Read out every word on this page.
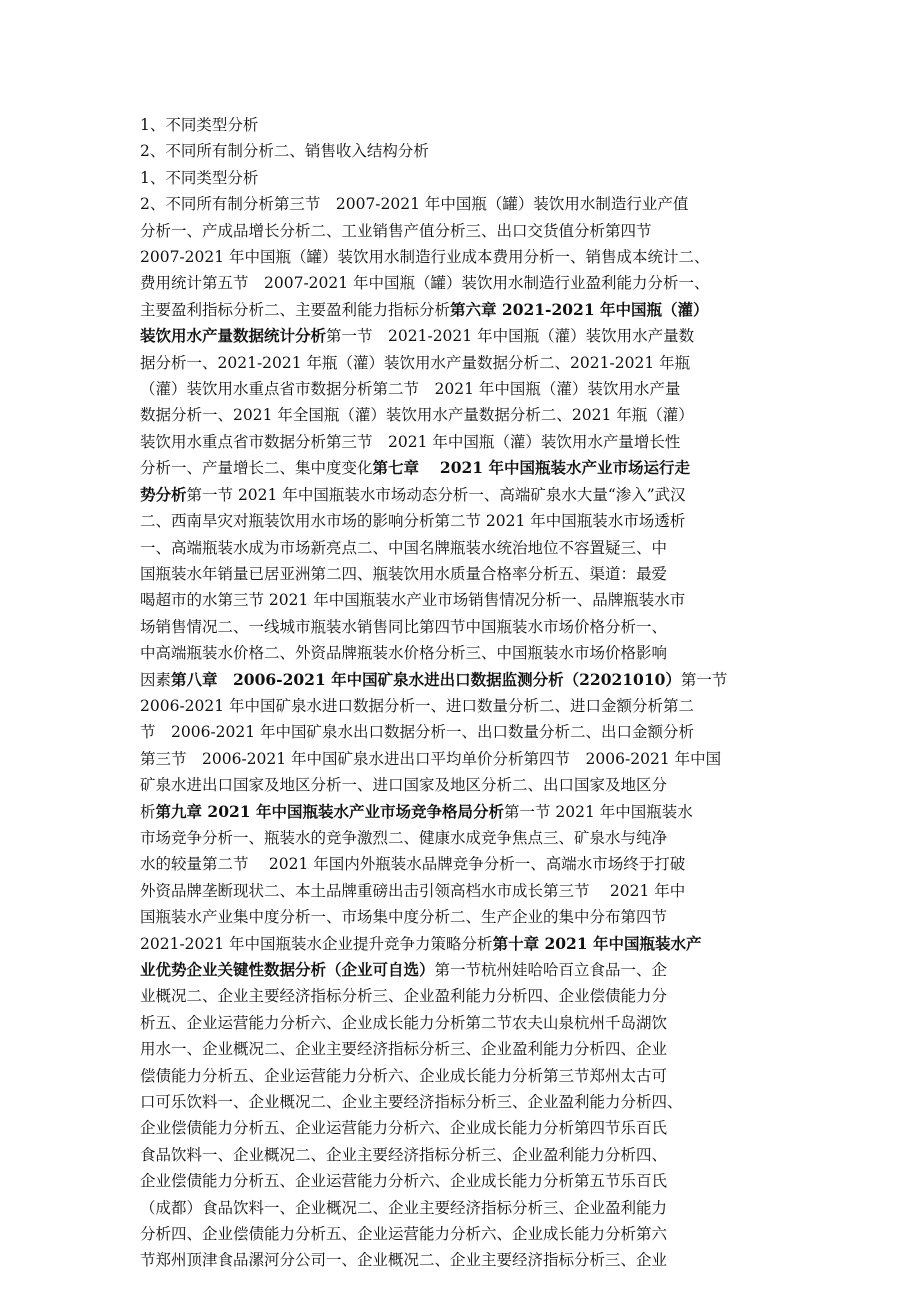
1、不同类型分析
2、不同所有制分析二、销售收入结构分析
1、不同类型分析
2、不同所有制分析第三节　2007-2021 年中国瓶（罐）装饮用水制造行业产值
分析一、产成品增长分析二、工业销售产值分析三、出口交货值分析第四节
2007-2021 年中国瓶（罐）装饮用水制造行业成本费用分析一、销售成本统计二、
费用统计第五节　2007-2021 年中国瓶（罐）装饮用水制造行业盈利能力分析一、
主要盈利指标分析二、主要盈利能力指标分析第六章 2021-2021 年中国瓶（灌）
装饮用水产量数据统计分析第一节　2021-2021 年中国瓶（灌）装饮用水产量数
据分析一、2021-2021 年瓶（灌）装饮用水产量数据分析二、2021-2021 年瓶
（灌）装饮用水重点省市数据分析第二节　2021 年中国瓶（灌）装饮用水产量
数据分析一、2021 年全国瓶（灌）装饮用水产量数据分析二、2021 年瓶（灌）
装饮用水重点省市数据分析第三节　2021 年中国瓶（灌）装饮用水产量增长性
分析一、产量增长二、集中度变化第七章　 2021 年中国瓶装水产业市场运行走
势分析第一节 2021 年中国瓶装水市场动态分析一、高端矿泉水大量“渗入”武汉
二、西南旱灾对瓶装饮用水市场的影响分析第二节 2021 年中国瓶装水市场透析
一、高端瓶装水成为市场新亮点二、中国名牌瓶装水统治地位不容置疑三、中
国瓶装水年销量已居亚洲第二四、瓶装饮用水质量合格率分析五、渠道：最爱
喝超市的水第三节 2021 年中国瓶装水产业市场销售情况分析一、品牌瓶装水市
场销售情况二、一线城市瓶装水销售同比第四节中国瓶装水市场价格分析一、
中高端瓶装水价格二、外资品牌瓶装水价格分析三、中国瓶装水市场价格影响
因素第八章　2006-2021 年中国矿泉水进出口数据监测分析（22021010）第一节
2006-2021 年中国矿泉水进口数据分析一、进口数量分析二、进口金额分析第二
节　2006-2021 年中国矿泉水出口数据分析一、出口数量分析二、出口金额分析
第三节　2006-2021 年中国矿泉水进出口平均单价分析第四节　2006-2021 年中国
矿泉水进出口国家及地区分析一、进口国家及地区分析二、出口国家及地区分
析第九章 2021 年中国瓶装水产业市场竞争格局分析第一节 2021 年中国瓶装水
市场竞争分析一、瓶装水的竞争激烈二、健康水成竞争焦点三、矿泉水与纯净
水的较量第二节　 2021 年国内外瓶装水品牌竞争分析一、高端水市场终于打破
外资品牌垄断现状二、本土品牌重磅出击引领高档水市成长第三节　 2021 年中
国瓶装水产业集中度分析一、市场集中度分析二、生产企业的集中分布第四节
2021-2021 年中国瓶装水企业提升竞争力策略分析第十章 2021 年中国瓶装水产
业优势企业关键性数据分析（企业可自选）第一节杭州娃哈哈百立食品一、企
业概况二、企业主要经济指标分析三、企业盈利能力分析四、企业偿债能力分
析五、企业运营能力分析六、企业成长能力分析第二节农夫山泉杭州千岛湖饮
用水一、企业概况二、企业主要经济指标分析三、企业盈利能力分析四、企业
偿债能力分析五、企业运营能力分析六、企业成长能力分析第三节郑州太古可
口可乐饮料一、企业概况二、企业主要经济指标分析三、企业盈利能力分析四、
企业偿债能力分析五、企业运营能力分析六、企业成长能力分析第四节乐百氏
食品饮料一、企业概况二、企业主要经济指标分析三、企业盈利能力分析四、
企业偿债能力分析五、企业运营能力分析六、企业成长能力分析第五节乐百氏
（成都）食品饮料一、企业概况二、企业主要经济指标分析三、企业盈利能力
分析四、企业偿债能力分析五、企业运营能力分析六、企业成长能力分析第六
节郑州顶津食品漯河分公司一、企业概况二、企业主要经济指标分析三、企业
